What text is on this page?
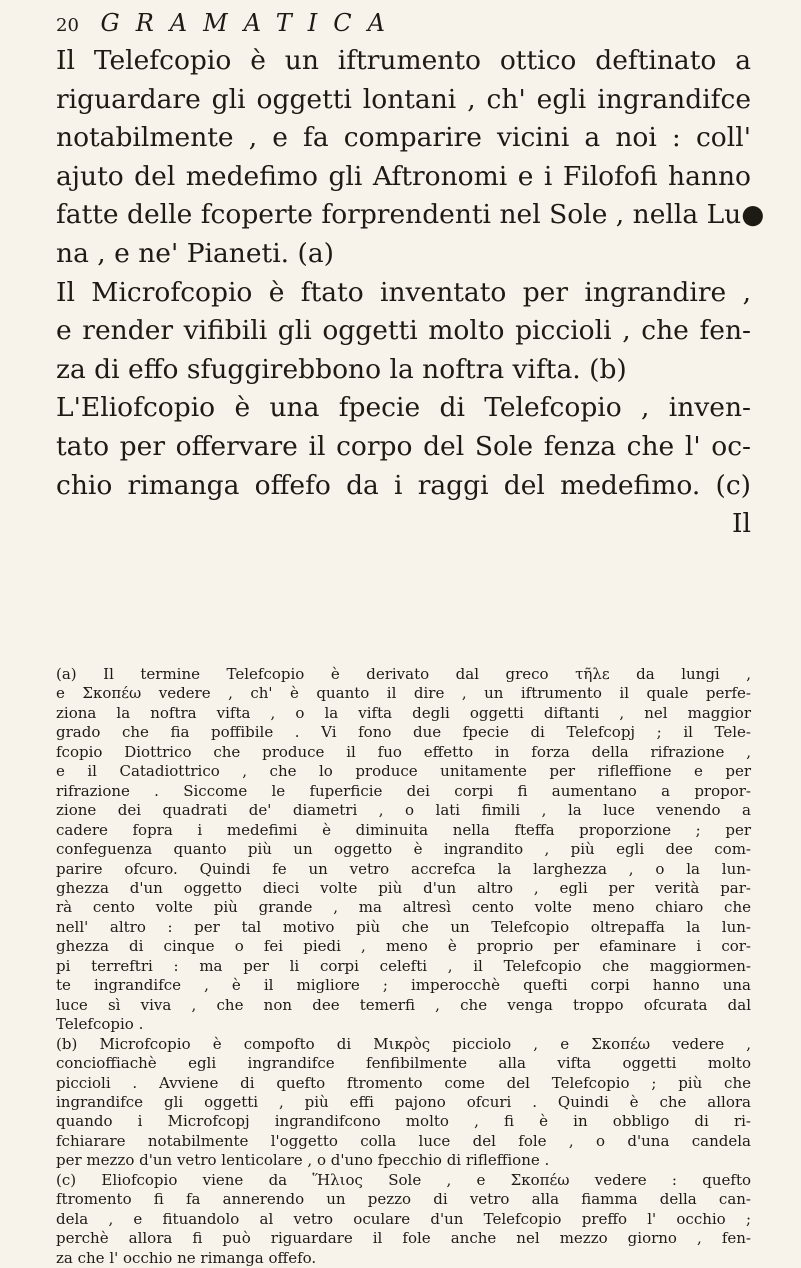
20 GRAMATICA
Il Telefcopio è un iftrumento ottico deftinato a
riguardare gli oggetti lontani , ch' egli ingrandifce
notabilmente , e fa comparire vicini a noi : coll'
ajuto del medefimo gli Aftronomi e i Filofofi hanno
fatte delle fcoperte forprendenti nel Sole , nella Lu●
na , e ne' Pianeti. (a)
Il Microfcopio è ftato inventato per ingrandire ,
e render vifibili gli oggetti molto piccioli , che fen-
za di effo sfuggirebbono la noftra vifta. (b)
L'Eliofcopio è una fpecie di Telefcopio , inven-
tato per offervare il corpo del Sole fenza che l' oc-
chio rimanga offefo da i raggi del medefimo. (c)
Il
(a) Il termine Telefcopio è derivato dal greco τῆλε da lungi ,
e Σκοπέω vedere , ch' è quanto il dire , un iftrumento il quale perfe-
ziona la noftra vifta , o la vifta degli oggetti diftanti , nel maggior
grado che fia poffibile . Vi fono due fpecie di Telefcopj ; il Tele-
fcopio Diottrico che produce il fuo effetto in forza della rifrazione ,
e il Catadiottrico , che lo produce unitamente per rifleffione e per
rifrazione . Siccome le fuperficie dei corpi fi aumentano a propor-
zione dei quadrati de' diametri , o lati fimili , la luce venendo a
cadere fopra i medefimi è diminuita nella fteffa proporzione ; per
confeguenza quanto più un oggetto è ingrandito , più egli dee com-
parire ofcuro. Quindi fe un vetro accrefca la larghezza , o la lun-
ghezza d'un oggetto dieci volte più d'un altro , egli per verità par-
rà cento volte più grande , ma altresì cento volte meno chiaro che
nell' altro : per tal motivo più che un Telefcopio oltrepaffa la lun-
ghezza di cinque o fei piedi , meno è proprio per efaminare i cor-
pi terreftri : ma per li corpi celefti , il Telefcopio che maggiormen-
te ingrandifce , è il migliore ; imperocchè quefti corpi hanno una
luce sì viva , che non dee temerfi , che venga troppo ofcurata dal
Telefcopio .
(b) Microfcopio è compofto di Μικρὸς picciolo , e Σκοπέω vedere ,
concioffiachè egli ingrandifce fenfibilmente alla vifta oggetti molto
piccioli . Avviene di quefto ftromento come del Telefcopio ; più che
ingrandifce gli oggetti , più effi pajono ofcuri . Quindi è che allora
quando i Microfcopj ingrandifcono molto , fi è in obbligo di ri-
fchiarare notabilmente l'oggetto colla luce del fole , o d'una candela
per mezzo d'un vetro lenticolare , o d'uno fpecchio di rifleffione .
(c) Eliofcopio viene da Ἥλιος Sole , e Σκοπέω vedere : quefto
ftromento fi fa annerendo un pezzo di vetro alla fiamma della can-
dela , e fituandolo al vetro oculare d'un Telefcopio preffo l' occhio ;
perchè allora fi può riguardare il fole anche nel mezzo giorno , fen-
za che l' occhio ne rimanga offefo.
